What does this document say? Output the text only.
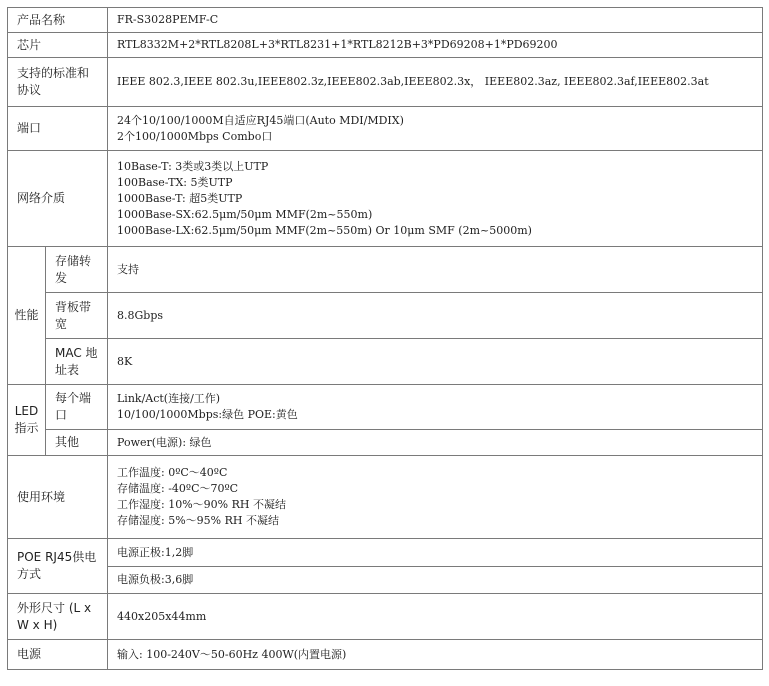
产品名称		FR-S3028PEMF-C
芯片		RTL8332M+2*RTL8208L+3*RTL8231+1*RTL8212B+3*PD69208+1*PD69200
支持的标准和协议		IEEE 802.3,IEEE 802.3u,IEEE802.3z,IEEE802.3ab,IEEE802.3x， IEEE802.3az, IEEE802.3af,IEEE802.3at
端口		24个10/100/1000M自适应RJ45端口(Auto MDI/MDIX)
2个100/1000Mbps Combo口

网络介质		10Base-T: 3类或3类以上UTP
100Base-TX: 5类UTP
1000Base-T: 超5类UTP
1000Base-SX:62.5μm/50μm MMF(2m~550m)
1000Base-LX:62.5μm/50μm MMF(2m~550m) Or 10μm SMF (2m~5000m)

性能	存储转发	支持
	背板带宽	8.8Gbps
	MAC 地址表	8K
LED指示	每个端口	Link/Act(连接/工作)
10/100/1000Mbps:绿色 POE:黄色

	其他	Power(电源): 绿色
使用环境		工作温度: 0ºC～40ºC
存储温度: -40ºC～70ºC
工作湿度: 10%～90% RH 不凝结
存储湿度: 5%～95% RH 不凝结

POE RJ45供电方式		电源正极:1,2脚
		电源负极:3,6脚
外形尺寸 (L x W x H)		440x205x44mm
电源		输入: 100-240V～50-60Hz 400W(内置电源)
